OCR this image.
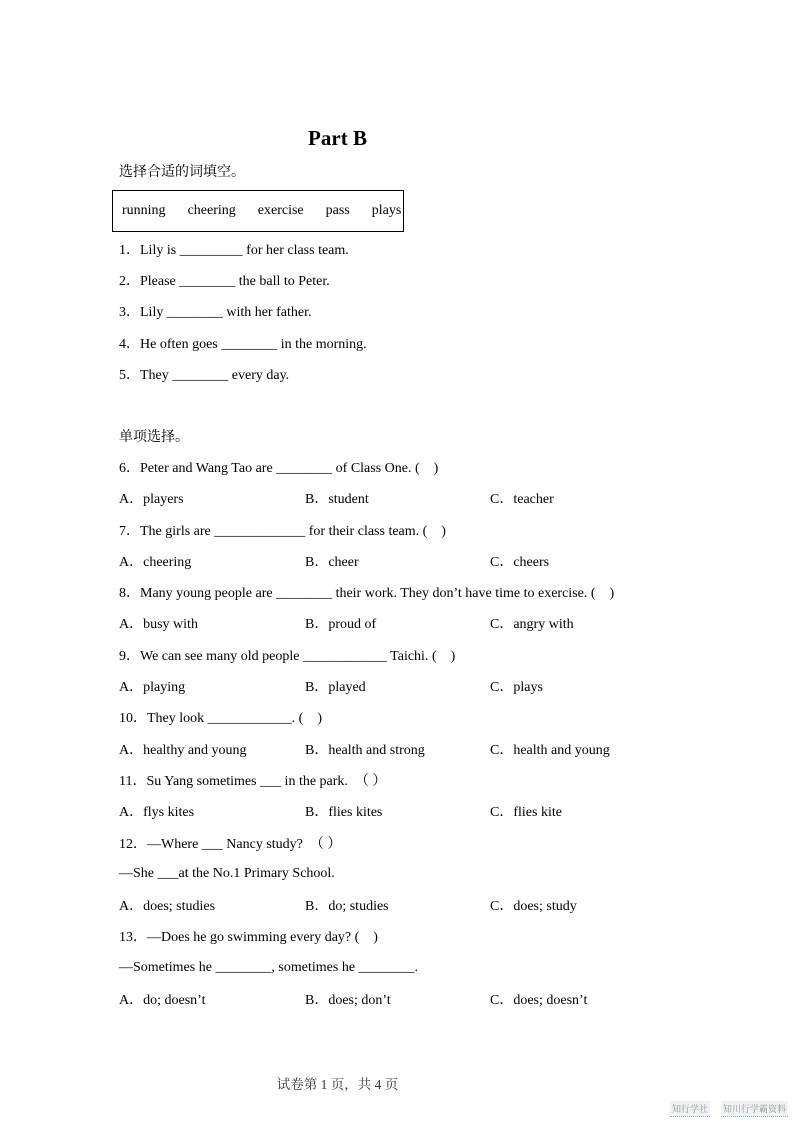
Part B
选择合适的词填空。
running cheering exercise pass plays
1．Lily is _________ for her class team.
2．Please ________ the ball to Peter.
3．Lily ________ with her father.
4．He often goes ________ in the morning.
5．They ________ every day.
单项选择。
6．Peter and Wang Tao are ________ of Class One. (　)
A．players	B．student	C．teacher
7．The girls are _____________ for their class team. (　)
A．cheering	B．cheer	C．cheers
8．Many young people are ________ their work. They don’t have time to exercise. (　)
A．busy with	B．proud of	C．angry with
9．We can see many old people ____________ Taichi. (　)
A．playing	B．played	C．plays
10．They look ____________. (　)
A．healthy and young	B．health and strong	C．health and young
11．Su Yang sometimes ___ in the park.　（ ）
A．flys kites	B．flies kites	C．flies kite
12．—Where ___ Nancy study?　（ ）
—She ___at the No.1 Primary School.
A．does; studies	B．do; studies	C．does; study
13．—Does he go swimming every day? (　)
—Sometimes he ________, sometimes he ________.
A．do; doesn’t	B．does; don’t	C．does; doesn’t
试卷第 1 页，共 4 页
知行学社 知川行学霸资料
